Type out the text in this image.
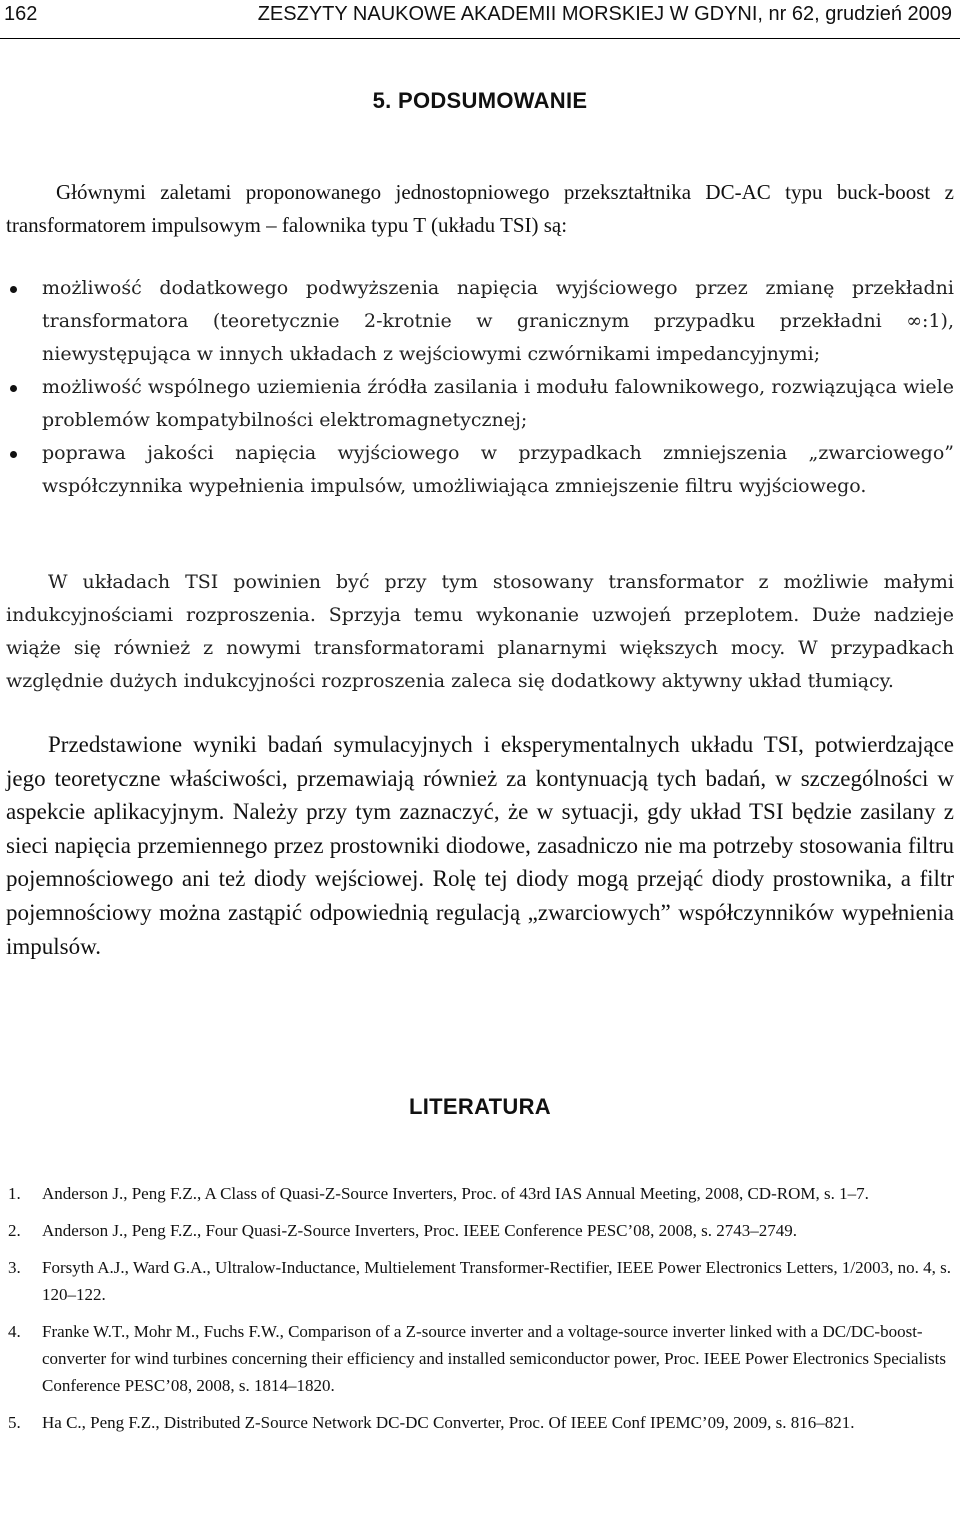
162	ZESZYTY NAUKOWE AKADEMII MORSKIEJ W GDYNI, nr 62, grudzień 2009
5. PODSUMOWANIE

Głównymi zaletami proponowanego jednostopniowego przekształtnika DC-AC typu buck-boost z transformatorem impulsowym – falownika typu T (układu TSI) są:

możliwość dodatkowego podwyższenia napięcia wyjściowego przez zmianę przekładni transformatora (teoretycznie 2-krotnie w granicznym przypadku przekładni ∞:1), niewystępująca w innych układach z wejściowymi czwórnikami impedancyjnymi;
możliwość wspólnego uziemienia źródła zasilania i modułu falownikowego, rozwiązująca wiele problemów kompatybilności elektromagnetycznej;
poprawa jakości napięcia wyjściowego w przypadkach zmniejszenia „zwarciowego” współczynnika wypełnienia impulsów, umożliwiająca zmniejszenie filtru wyjściowego.

W układach TSI powinien być przy tym stosowany transformator z możliwie małymi indukcyjnościami rozproszenia. Sprzyja temu wykonanie uzwojeń przeplotem. Duże nadzieje wiąże się również z nowymi transformatorami planarnymi większych mocy. W przypadkach względnie dużych indukcyjności rozproszenia zaleca się dodatkowy aktywny układ tłumiący.

Przedstawione wyniki badań symulacyjnych i eksperymentalnych układu TSI, potwierdzające jego teoretyczne właściwości, przemawiają również za kontynuacją tych badań, w szczególności w aspekcie aplikacyjnym. Należy przy tym zaznaczyć, że w sytuacji, gdy układ TSI będzie zasilany z sieci napięcia przemiennego przez prostowniki diodowe, zasadniczo nie ma potrzeby stosowania filtru pojemnościowego ani też diody wejściowej. Rolę tej diody mogą przejąć diody prostownika, a filtr pojemnościowy można zastąpić odpowiednią regulacją „zwarciowych” współczynników wypełnienia impulsów.

LITERATURA
1. Anderson J., Peng F.Z., A Class of Quasi-Z-Source Inverters, Proc. of 43rd IAS Annual Meeting, 2008, CD-ROM, s. 1–7.
2. Anderson J., Peng F.Z., Four Quasi-Z-Source Inverters, Proc. IEEE Conference PESC’08, 2008, s. 2743–2749.
3. Forsyth A.J., Ward G.A., Ultralow-Inductance, Multielement Transformer-Rectifier, IEEE Power Electronics Letters, 1/2003, no. 4, s. 120–122.
4. Franke W.T., Mohr M., Fuchs F.W., Comparison of a Z-source inverter and a voltage-source inverter linked with a DC/DC-boost-converter for wind turbines concerning their efficiency and installed semiconductor power, Proc. IEEE Power Electronics Specialists Conference PESC’08, 2008, s. 1814–1820.
5. Ha C., Peng F.Z., Distributed Z-Source Network DC-DC Converter, Proc. Of IEEE Conf IPEMC’09, 2009, s. 816–821.
